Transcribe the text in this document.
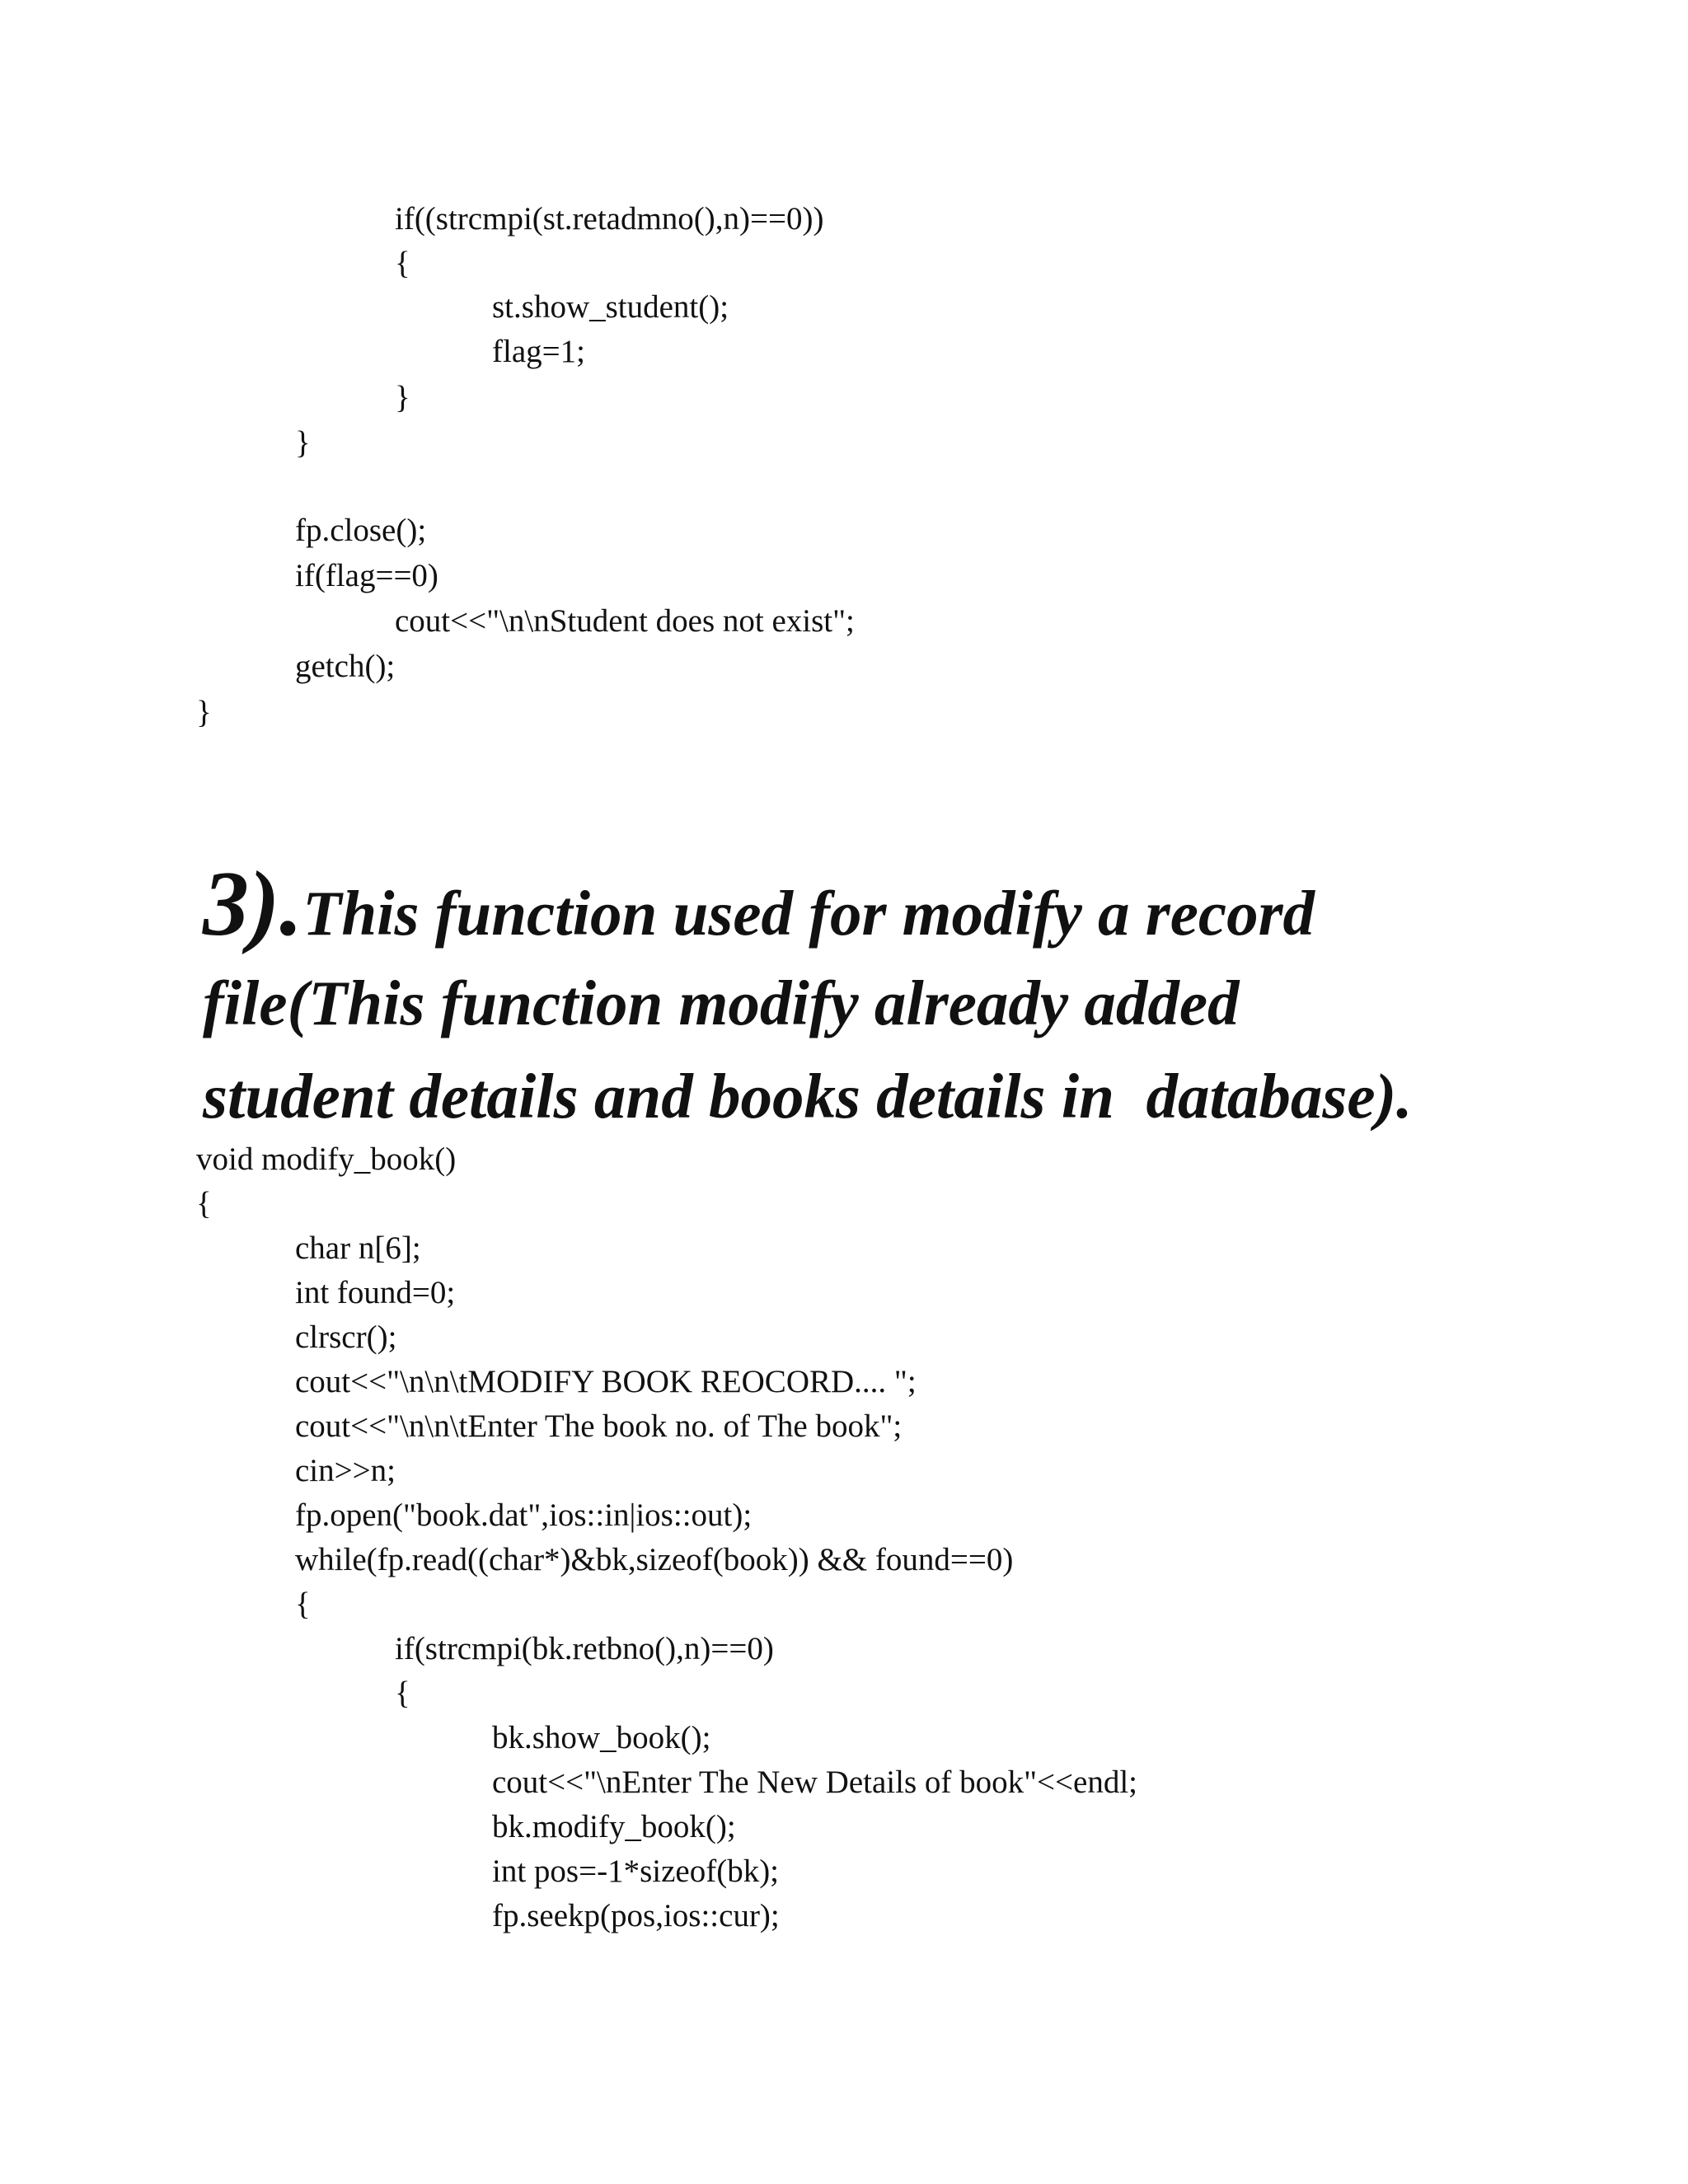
if((strcmpi(st.retadmno(),n)==0))
{
st.show_student();
flag=1;
}
}
fp.close();
if(flag==0)
cout<<"\n\nStudent does not exist";
getch();
}

3).This function used for modify a record

file(This function modify already added

student details and books details in  database).

void modify_book()
{
char n[6];
int found=0;
clrscr();
cout<<"\n\n\tMODIFY BOOK REOCORD.... ";
cout<<"\n\n\tEnter The book no. of The book";
cin>>n;
fp.open("book.dat",ios::in|ios::out);
while(fp.read((char*)&bk,sizeof(book)) && found==0)
{
if(strcmpi(bk.retbno(),n)==0)
{
bk.show_book();
cout<<"\nEnter The New Details of book"<<endl;
bk.modify_book();
int pos=-1*sizeof(bk);
fp.seekp(pos,ios::cur);
